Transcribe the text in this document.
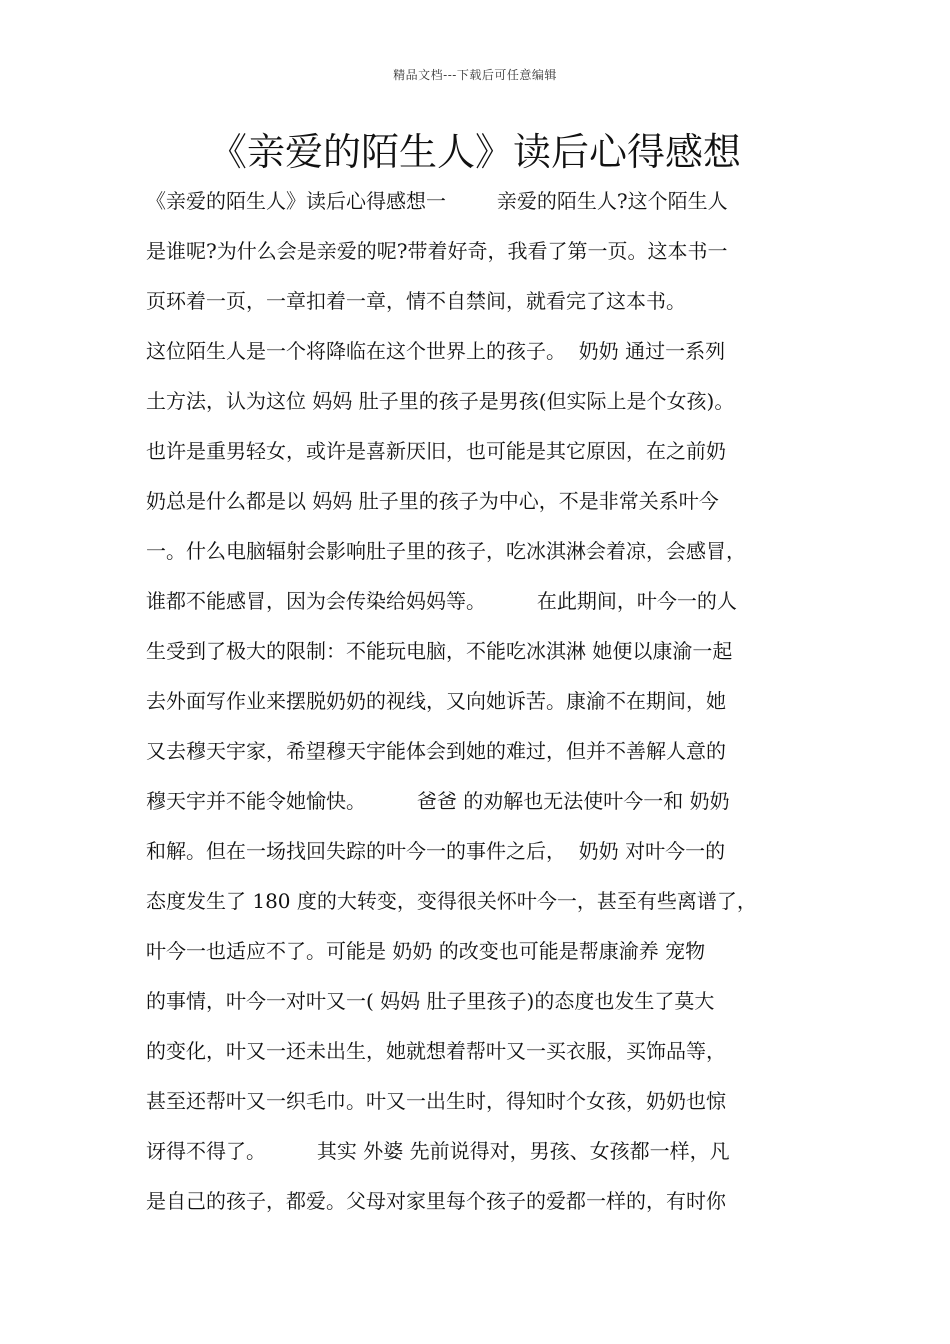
精品文档---下载后可任意编辑
《亲爱的陌生人》读后心得感想
《亲爱的陌生人》读后心得感想一        亲爱的陌生人?这个陌生人
是谁呢?为什么会是亲爱的呢?带着好奇，我看了第一页。这本书一
页环着一页，一章扣着一章，情不自禁间，就看完了这本书。
这位陌生人是一个将降临在这个世界上的孩子。  奶奶 通过一系列
土方法，认为这位 妈妈 肚子里的孩子是男孩(但实际上是个女孩)。
也许是重男轻女，或许是喜新厌旧，也可能是其它原因，在之前奶
奶总是什么都是以 妈妈 肚子里的孩子为中心，不是非常关系叶今
一。什么电脑辐射会影响肚子里的孩子，吃冰淇淋会着凉，会感冒，
谁都不能感冒，因为会传染给妈妈等。        在此期间，叶今一的人
生受到了极大的限制：不能玩电脑，不能吃冰淇淋 她便以康渝一起
去外面写作业来摆脱奶奶的视线，又向她诉苦。康渝不在期间，她
又去穆天宇家，希望穆天宇能体会到她的难过，但并不善解人意的
穆天宇并不能令她愉快。        爸爸 的劝解也无法使叶今一和 奶奶
和解。但在一场找回失踪的叶今一的事件之后，  奶奶 对叶今一的
态度发生了 180 度的大转变，变得很关怀叶今一，甚至有些离谱了，
叶今一也适应不了。可能是 奶奶 的改变也可能是帮康渝养 宠物
的事情，叶今一对叶又一( 妈妈 肚子里孩子)的态度也发生了莫大
的变化，叶又一还未出生，她就想着帮叶又一买衣服，买饰品等，
甚至还帮叶又一织毛巾。叶又一出生时，得知时个女孩，奶奶也惊
讶得不得了。        其实 外婆 先前说得对，男孩、女孩都一样，凡
是自己的孩子，都爱。父母对家里每个孩子的爱都一样的，有时你
